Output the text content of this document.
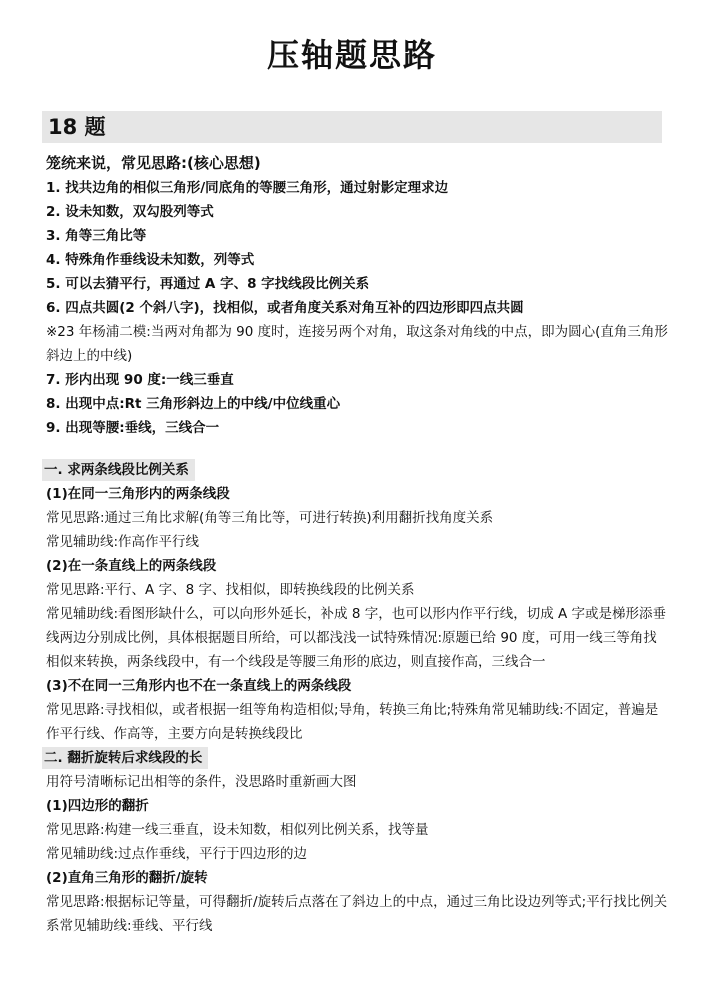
压轴题思路
18 题
笼统来说，常见思路:(核心思想)
1. 找共边角的相似三角形/同底角的等腰三角形，通过射影定理求边
2. 设未知数，双勾股列等式
3. 角等三角比等
4. 特殊角作垂线设未知数，列等式
5. 可以去猜平行，再通过 A 字、8 字找线段比例关系
6. 四点共圆(2 个斜八字)，找相似，或者角度关系对角互补的四边形即四点共圆
※23 年杨浦二模:当两对角都为 90 度时，连接另两个对角，取这条对角线的中点，即为圆心(直角三角形斜边上的中线)
7. 形内出现 90 度:一线三垂直
8. 出现中点:Rt 三角形斜边上的中线/中位线重心
9. 出现等腰:垂线，三线合一
一. 求两条线段比例关系
(1)在同一三角形内的两条线段
常见思路:通过三角比求解(角等三角比等，可进行转换)利用翻折找角度关系
常见辅助线:作高作平行线
(2)在一条直线上的两条线段
常见思路:平行、A 字、8 字、找相似，即转换线段的比例关系
常见辅助线:看图形缺什么，可以向形外延长，补成 8 字，也可以形内作平行线，切成 A 字或是梯形添垂线两边分别成比例，具体根据题目所给，可以都浅浅一试特殊情况:原题已给 90 度，可用一线三等角找相似来转换，两条线段中，有一个线段是等腰三角形的底边，则直接作高，三线合一
(3)不在同一三角形内也不在一条直线上的两条线段
常见思路:寻找相似，或者根据一组等角构造相似;导角，转换三角比;特殊角常见辅助线:不固定，普遍是作平行线、作高等，主要方向是转换线段比
二. 翻折旋转后求线段的长
用符号清晰标记出相等的条件，没思路时重新画大图
(1)四边形的翻折
常见思路:构建一线三垂直，设未知数，相似列比例关系，找等量
常见辅助线:过点作垂线，平行于四边形的边
(2)直角三角形的翻折/旋转
常见思路:根据标记等量，可得翻折/旋转后点落在了斜边上的中点，通过三角比设边列等式;平行找比例关系常见辅助线:垂线、平行线
